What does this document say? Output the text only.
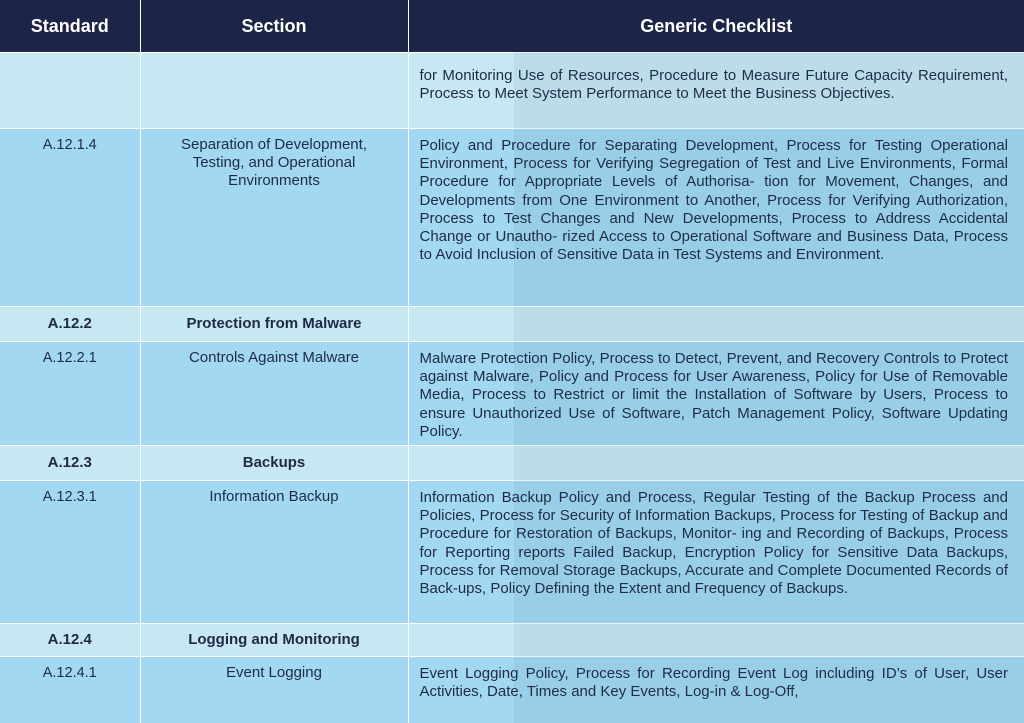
Standard	Section	Generic Checklist
		for Monitoring Use of Resources, Procedure to Measure Future Capacity Requirement, Process to Meet System Performance to Meet the Business Objectives.
A.12.1.4	Separation of Development, Testing, and Operational Environments	Policy and Procedure for Separating Development, Process for Testing Operational Environment, Process for Verifying Segregation of Test and Live Environments, Formal Procedure for Appropriate Levels of Authorisa- tion for Movement, Changes, and Developments from One Environment to Another, Process for Verifying Authorization, Process to Test Changes and New Developments, Process to Address Accidental Change or Unautho- rized Access to Operational Software and Business Data, Process to Avoid Inclusion of Sensitive Data in Test Systems and Environment.
A.12.2	Protection from Malware	
A.12.2.1	Controls Against Malware	Malware Protection Policy, Process to Detect, Prevent, and Recovery Controls to Protect against Malware, Policy and Process for User Awareness, Policy for Use of Removable Media, Process to Restrict or limit the Installation of Software by Users, Process to ensure Unauthorized Use of Software, Patch Management Policy, Software Updating Policy.
A.12.3	Backups	
A.12.3.1	Information Backup	Information Backup Policy and Process, Regular Testing of the Backup Process and Policies, Process for Security of Information Backups, Process for Testing of Backup and Procedure for Restoration of Backups, Monitor- ing and Recording of Backups, Process for Reporting reports Failed Backup, Encryption Policy for Sensitive Data Backups, Process for Removal Storage Backups, Accurate and Complete Documented Records of Back-ups, Policy Defining the Extent and Frequency of Backups.
A.12.4	Logging and Monitoring	
A.12.4.1	Event Logging	Event Logging Policy, Process for Recording Event Log including ID’s of User, User Activities, Date, Times and Key Events, Log-in & Log-Off,
